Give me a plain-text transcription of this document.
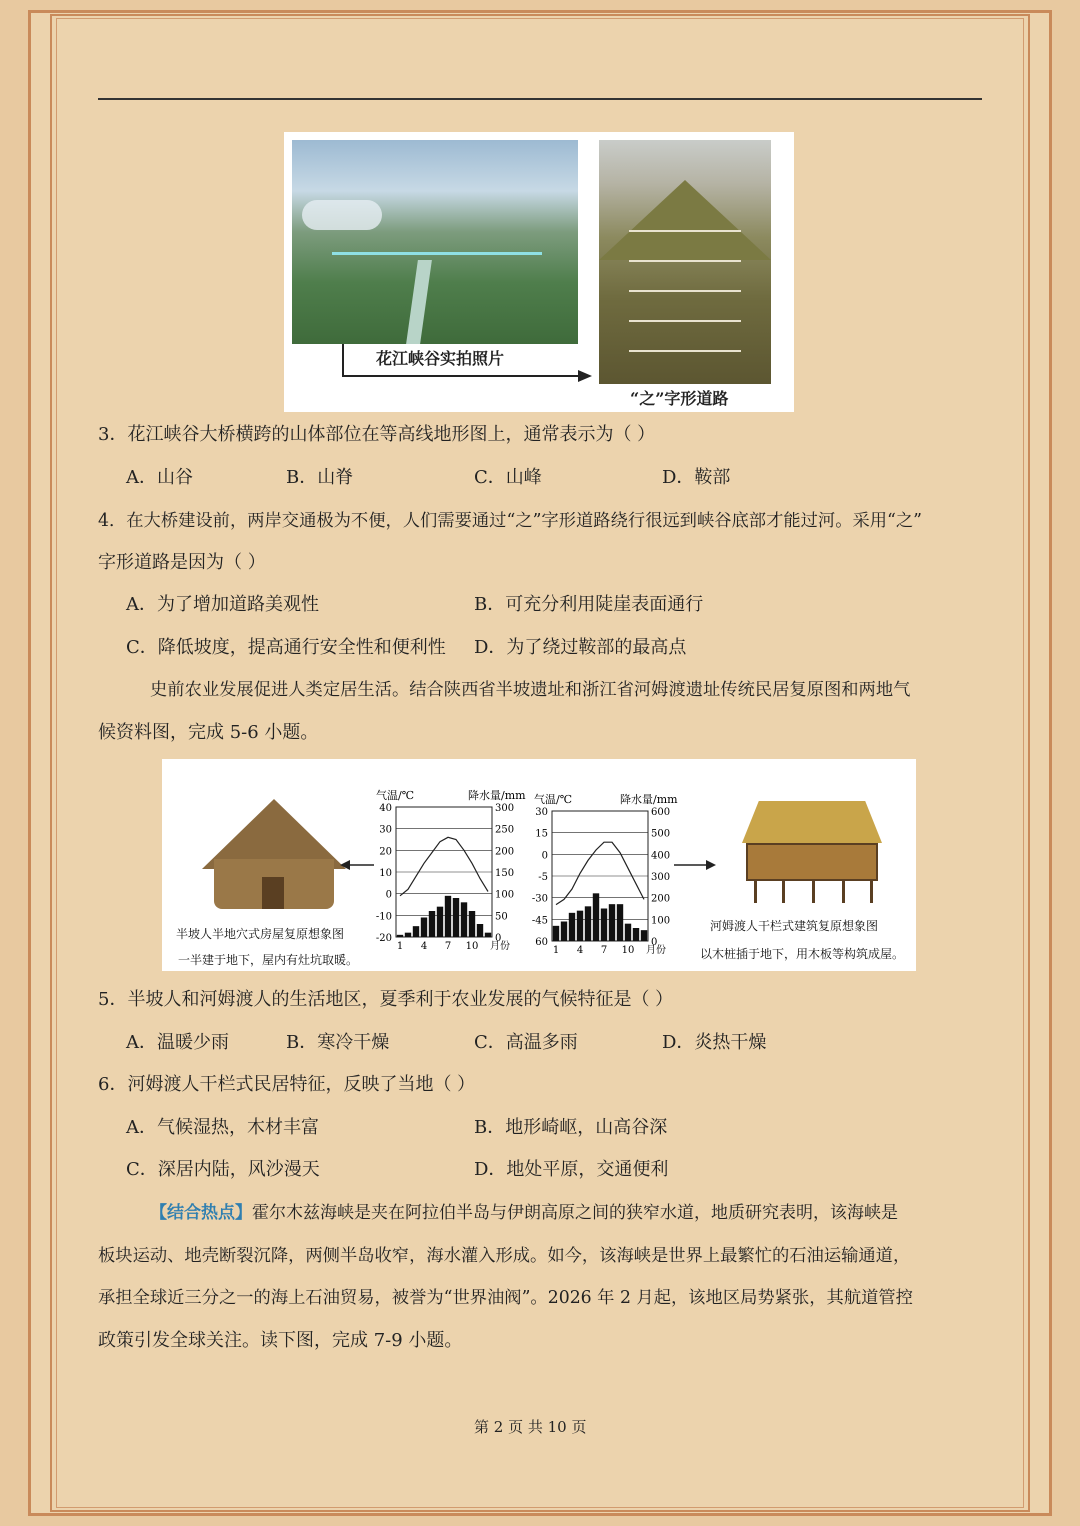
花江峡谷实拍照片
“之”字形道路
3．花江峡谷大桥横跨的山体部位在等高线地形图上，通常表示为（ ）
A．山谷	B．山脊	C．山峰	D．鞍部
4．在大桥建设前，两岸交通极为不便，人们需要通过“之”字形道路绕行很远到峡谷底部才能过河。采用“之”
字形道路是因为（ ）
A．为了增加道路美观性	B．可充分利用陡崖表面通行
C．降低坡度，提高通行安全性和便利性 D．为了绕过鞍部的最高点
史前农业发展促进人类定居生活。结合陕西省半坡遗址和浙江省河姆渡遗址传统民居复原图和两地气
候资料图，完成 5-6 小题。
半坡人半地穴式房屋复原想象图
一半建于地下，屋内有灶坑取暖。
河姆渡人干栏式建筑复原想象图
以木桩插于地下，用木板等构筑成屋。
气温/℃	降水量/mm
40
30
20
10
0
-10
-20
300
250
200
150
100
50
0
1 4 7 10 月份
气温/℃	降水量/mm
30
15
0
-5
-30
-45
60
600
500
400
300
200
100
0
1 4 7 10 月份
5．半坡人和河姆渡人的生活地区，夏季利于农业发展的气候特征是（ ）
A．温暖少雨	B．寒冷干燥	C．高温多雨	D．炎热干燥
6．河姆渡人干栏式民居特征，反映了当地（ ）
A．气候湿热，木材丰富	B．地形崎岖，山高谷深
C．深居内陆，风沙漫天	D．地处平原，交通便利
【结合热点】霍尔木兹海峡是夹在阿拉伯半岛与伊朗高原之间的狭窄水道，地质研究表明，该海峡是
板块运动、地壳断裂沉降，两侧半岛收窄，海水灌入形成。如今，该海峡是世界上最繁忙的石油运输通道，
承担全球近三分之一的海上石油贸易，被誉为“世界油阀”。2026 年 2 月起，该地区局势紧张，其航道管控
政策引发全球关注。读下图，完成 7-9 小题。
第 2 页 共 10 页
